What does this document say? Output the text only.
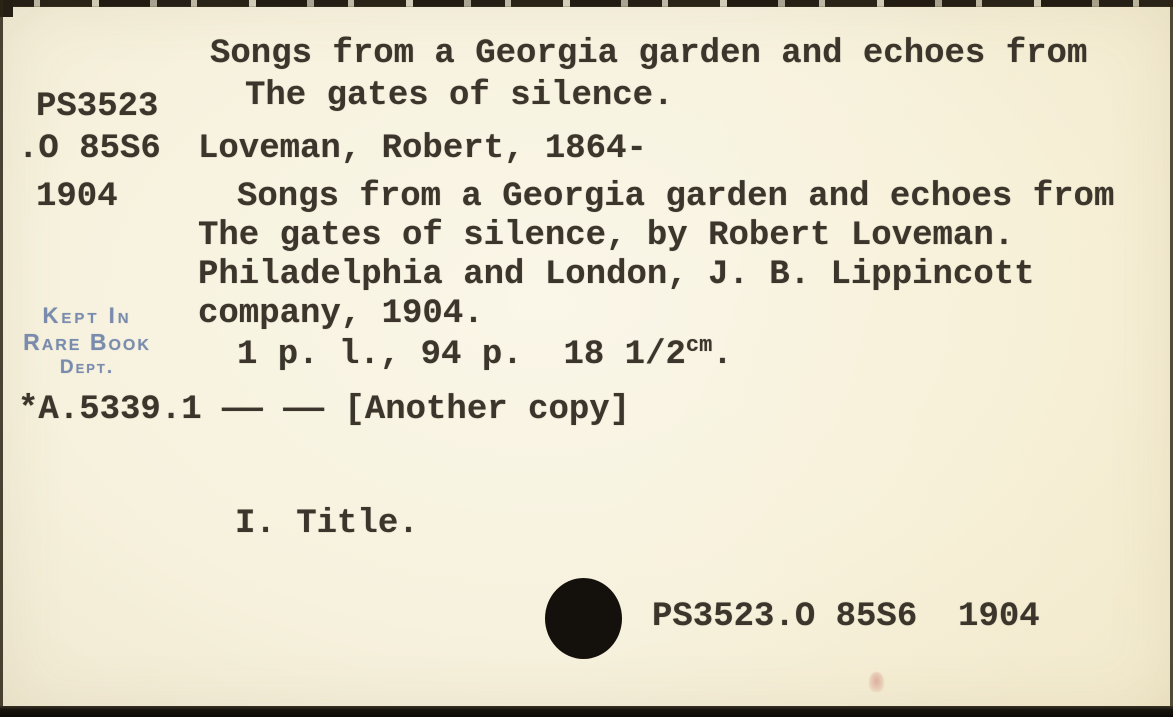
Songs from a Georgia garden and echoes from
The gates of silence.
PS3523
.O 85S6
1904
Loveman, Robert, 1864-
Songs from a Georgia garden and echoes from
The gates of silence, by Robert Loveman.
Philadelphia and London, J. B. Lippincott
company, 1904.
1 p. l., 94 p.  18 $1/2^{cm}$.
*A.5339.1 —— —— [Another copy]
Kept In
Rare Book
Dept.
I. Title.
PS3523.O 85S6  1904
